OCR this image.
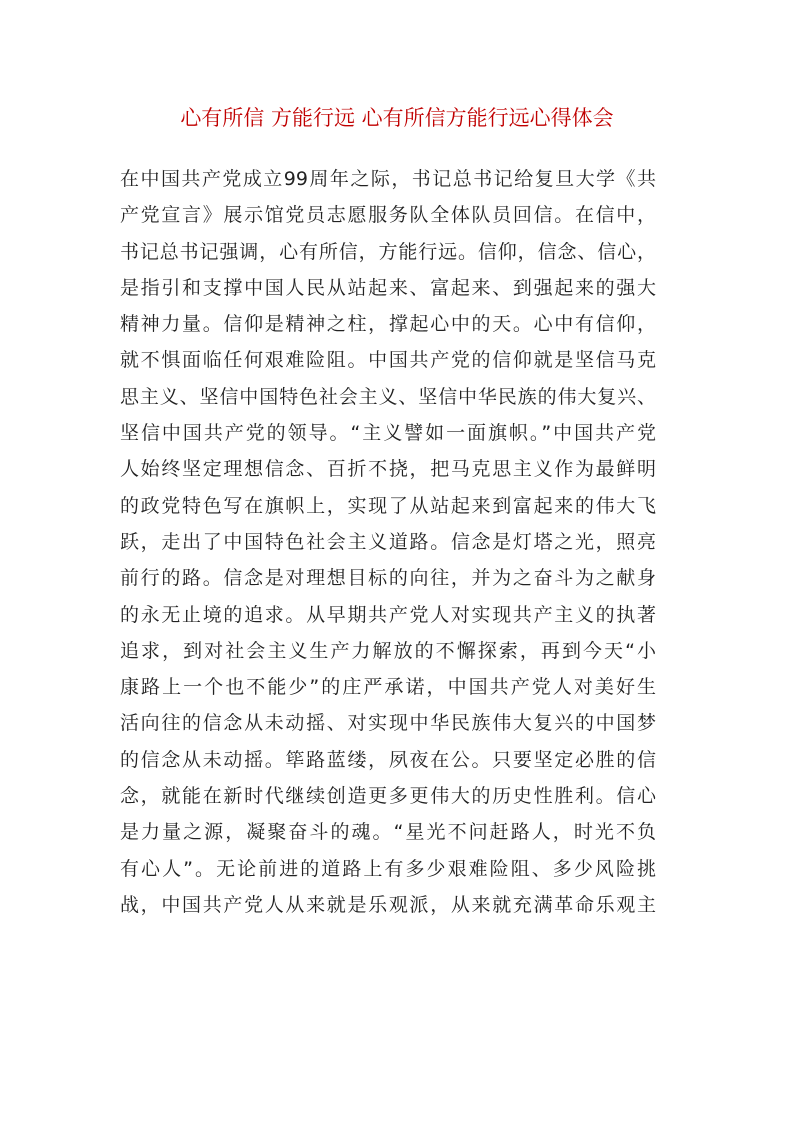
心有所信 方能行远 心有所信方能行远心得体会
在中国共产党成立99周年之际，书记总书记给复旦大学《共
产党宣言》展示馆党员志愿服务队全体队员回信。在信中，
书记总书记强调，心有所信，方能行远。信仰，信念、信心，
是指引和支撑中国人民从站起来、富起来、到强起来的强大
精神力量。信仰是精神之柱，撑起心中的天。心中有信仰，
就不惧面临任何艰难险阻。中国共产党的信仰就是坚信马克
思主义、坚信中国特色社会主义、坚信中华民族的伟大复兴、
坚信中国共产党的领导。“主义譬如一面旗帜。”中国共产党
人始终坚定理想信念、百折不挠，把马克思主义作为最鲜明
的政党特色写在旗帜上，实现了从站起来到富起来的伟大飞
跃，走出了中国特色社会主义道路。信念是灯塔之光，照亮
前行的路。信念是对理想目标的向往，并为之奋斗为之献身
的永无止境的追求。从早期共产党人对实现共产主义的执著
追求，到对社会主义生产力解放的不懈探索，再到今天“小
康路上一个也不能少”的庄严承诺，中国共产党人对美好生
活向往的信念从未动摇、对实现中华民族伟大复兴的中国梦
的信念从未动摇。筚路蓝缕，夙夜在公。只要坚定必胜的信
念，就能在新时代继续创造更多更伟大的历史性胜利。信心
是力量之源，凝聚奋斗的魂。“星光不问赶路人，时光不负
有心人”。无论前进的道路上有多少艰难险阻、多少风险挑
战，中国共产党人从来就是乐观派，从来就充满革命乐观主
